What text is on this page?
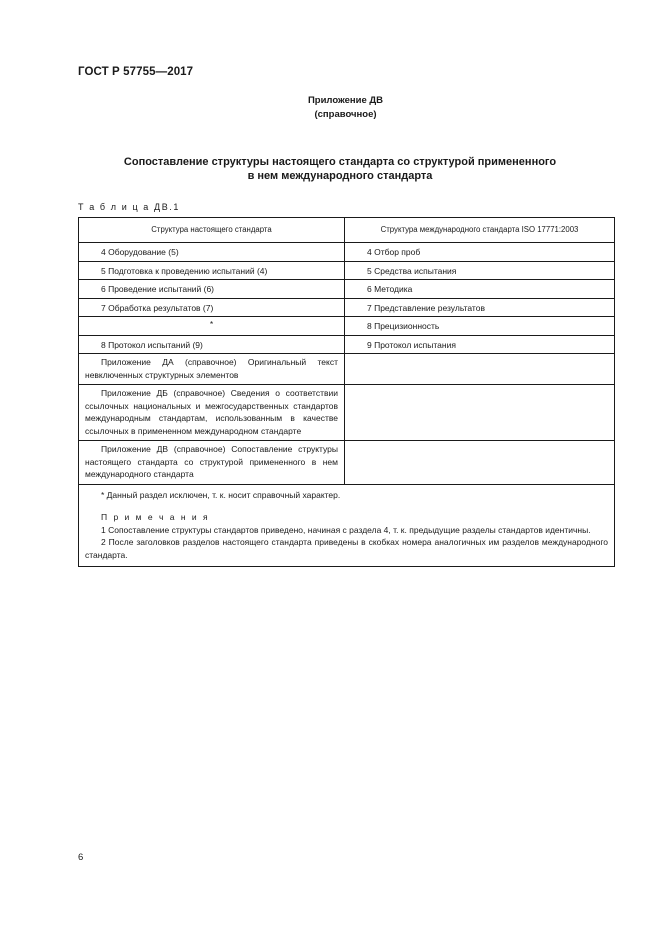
ГОСТ Р 57755—2017
Приложение ДВ
(справочное)
Сопоставление структуры настоящего стандарта со структурой примененного
в нем международного стандарта
Т а б л и ц а ДВ.1
Структура настоящего стандарта	Структура международного стандарта ISO 17771:2003
4 Оборудование (5)	4 Отбор проб
5 Подготовка к проведению испытаний (4)	5 Средства испытания
6 Проведение испытаний (6)	6 Методика
7 Обработка результатов (7)	7 Представление результатов
*	8 Прецизионность
8 Протокол испытаний (9)	9 Протокол испытания
Приложение ДА (справочное) Оригинальный текст невключенных структурных элементов	
Приложение ДБ (справочное) Сведения о соответствии ссылочных национальных и межгосударственных стандартов международным стандартам, использованным в качестве ссылочных в примененном международном стандарте	
Приложение ДВ (справочное) Сопоставление структуры настоящего стандарта со структурой примененного в нем международного стандарта	

* Данный раздел исключен, т. к. носит справочный характер.

П р и м е ч а н и я

1 Сопоставление структуры стандартов приведено, начиная с раздела 4, т. к. предыдущие разделы стандартов идентичны.

2 После заголовков разделов настоящего стандарта приведены в скобках номера аналогичных им разделов международного стандарта.	

6
